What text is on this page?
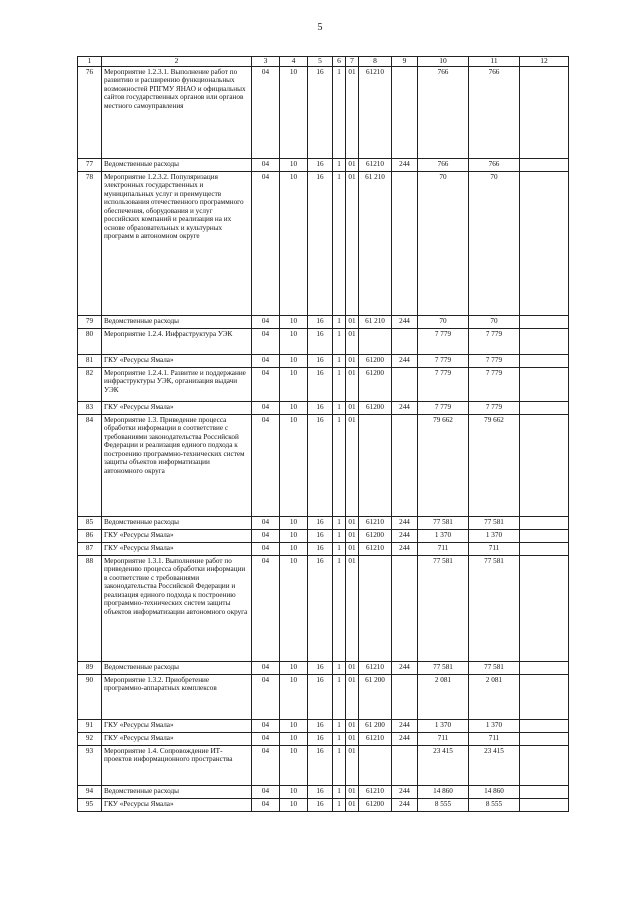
5
1	2	3	4	5	6	7	8	9	10	11	12
76	Мероприятие 1.2.3.1. Выполнение работ по развитию и расширению функциональных возможностей РПГМУ ЯНАО и официальных сайтов государственных органов или органов местного самоуправления	04	10	16	1	01	61210		766	766	
77	Ведомственные расходы	04	10	16	1	01	61210	244	766	766	
78	Мероприятие 1.2.3.2. Популяризация электронных государственных и муниципальных услуг и преимуществ использования отечественного программного обеспечения, оборудования и услуг российских компаний и реализация на их основе образовательных и культурных программ в автономном округе	04	10	16	1	01	61 210		70	70	
79	Ведомственные расходы	04	10	16	1	01	61 210	244	70	70	
80	Мероприятие 1.2.4. Инфраструктура УЭК	04	10	16	1	01			7 779	7 779	
81	ГКУ «Ресурсы Ямала»	04	10	16	1	01	61200	244	7 779	7 779	
82	Мероприятие 1.2.4.1. Развитие и поддержание инфраструктуры УЭК, организация выдачи УЭК	04	10	16	1	01	61200		7 779	7 779	
83	ГКУ «Ресурсы Ямала»	04	10	16	1	01	61200	244	7 779	7 779	
84	Мероприятие 1.3. Приведение процесса обработки информации в соответствие с требованиями законодательства Российской Федерации и реализация единого подхода к построению программно-технических систем защиты объектов информатизации автономного округа	04	10	16	1	01			79 662	79 662	
85	Ведомственные расходы	04	10	16	1	01	61210	244	77 581	77 581	
86	ГКУ «Ресурсы Ямала»	04	10	16	1	01	61200	244	1 370	1 370	
87	ГКУ «Ресурсы Ямала»	04	10	16	1	01	61210	244	711	711	
88	Мероприятие 1.3.1. Выполнение работ по приведению процесса обработки информации в соответствие с требованиями законодательства Российской Федерации и реализация единого подхода к построению программно-технических систем защиты объектов информатизации автономного округа	04	10	16	1	01			77 581	77 581	
89	Ведомственные расходы	04	10	16	1	01	61210	244	77 581	77 581	
90	Мероприятие 1.3.2. Приобретение программно-аппаратных комплексов	04	10	16	1	01	61 200		2 081	2 081	
91	ГКУ «Ресурсы Ямала»	04	10	16	1	01	61 200	244	1 370	1 370	
92	ГКУ «Ресурсы Ямала»	04	10	16	1	01	61210	244	711	711	
93	Мероприятие 1.4. Сопровождение ИТ-проектов информационного пространства	04	10	16	1	01			23 415	23 415	
94	Ведомственные расходы	04	10	16	1	01	61210	244	14 860	14 860	
95	ГКУ «Ресурсы Ямала»	04	10	16	1	01	61200	244	8 555	8 555	
